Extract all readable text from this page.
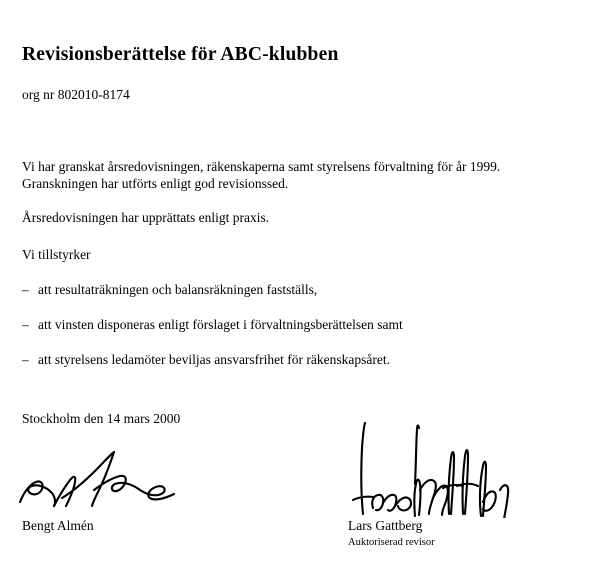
Revisionsberättelse för ABC-klubben
org nr 802010-8174

Vi har granskat årsredovisningen, räkenskaperna samt styrelsens förvaltning för år 1999.

Granskningen har utförts enligt god revisionssed.

Årsredovisningen har upprättats enligt praxis.

Vi tillstyrker

– att resultaträkningen och balansräkningen fastställs,
– att vinsten disponeras enligt förslaget i förvaltningsberättelsen samt
– att styrelsens ledamöter beviljas ansvarsfrihet för räkenskapsåret.
Stockholm den 14 mars 2000
Bengt Almén	Lars Gattberg
Auktoriserad revisor
